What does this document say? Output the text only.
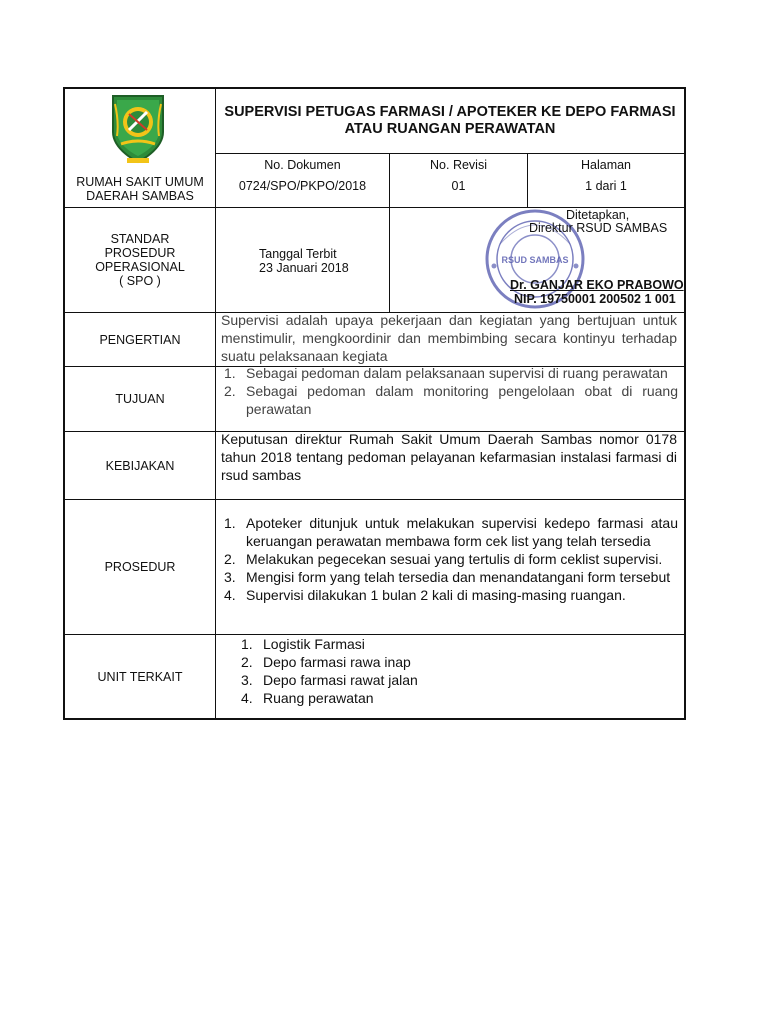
RUMAH SAKIT UMUM
DAERAH SAMBAS
SUPERVISI PETUGAS FARMASI / APOTEKER KE DEPO FARMASI
ATAU RUANGAN PERAWATAN
No. Dokumen
0724/SPO/PKPO/2018
No. Revisi
01
Halaman
1 dari 1
STANDAR
PROSEDUR
OPERASIONAL
( SPO )
Tanggal Terbit
23 Januari 2018
RSUD SAMBAS
Ditetapkan,
Direktur RSUD SAMBAS
Dr. GANJAR EKO PRABOWO
NIP. 19750001 200502 1 001
PENGERTIAN
Supervisi adalah upaya pekerjaan dan kegiatan yang bertujuan untuk menstimulir, mengkoordinir dan membimbing secara kontinyu terhadap suatu pelaksanaan kegiata
TUJUAN
1. Sebagai pedoman dalam pelaksanaan supervisi di ruang perawatan
2. Sebagai pedoman dalam monitoring pengelolaan obat di ruang perawatan
KEBIJAKAN
Keputusan direktur Rumah Sakit Umum Daerah Sambas nomor 0178 tahun 2018 tentang pedoman pelayanan kefarmasian instalasi farmasi di rsud sambas
PROSEDUR
1. Apoteker ditunjuk untuk melakukan supervisi kedepo farmasi atau keruangan perawatan membawa form cek list yang telah tersedia
2. Melakukan pegecekan sesuai yang tertulis di form ceklist supervisi.
3. Mengisi form yang telah tersedia dan menandatangani form tersebut
4. Supervisi dilakukan 1 bulan 2 kali di masing-masing ruangan.
UNIT TERKAIT
1. Logistik Farmasi
2. Depo farmasi rawa inap
3. Depo farmasi rawat jalan
4. Ruang perawatan
